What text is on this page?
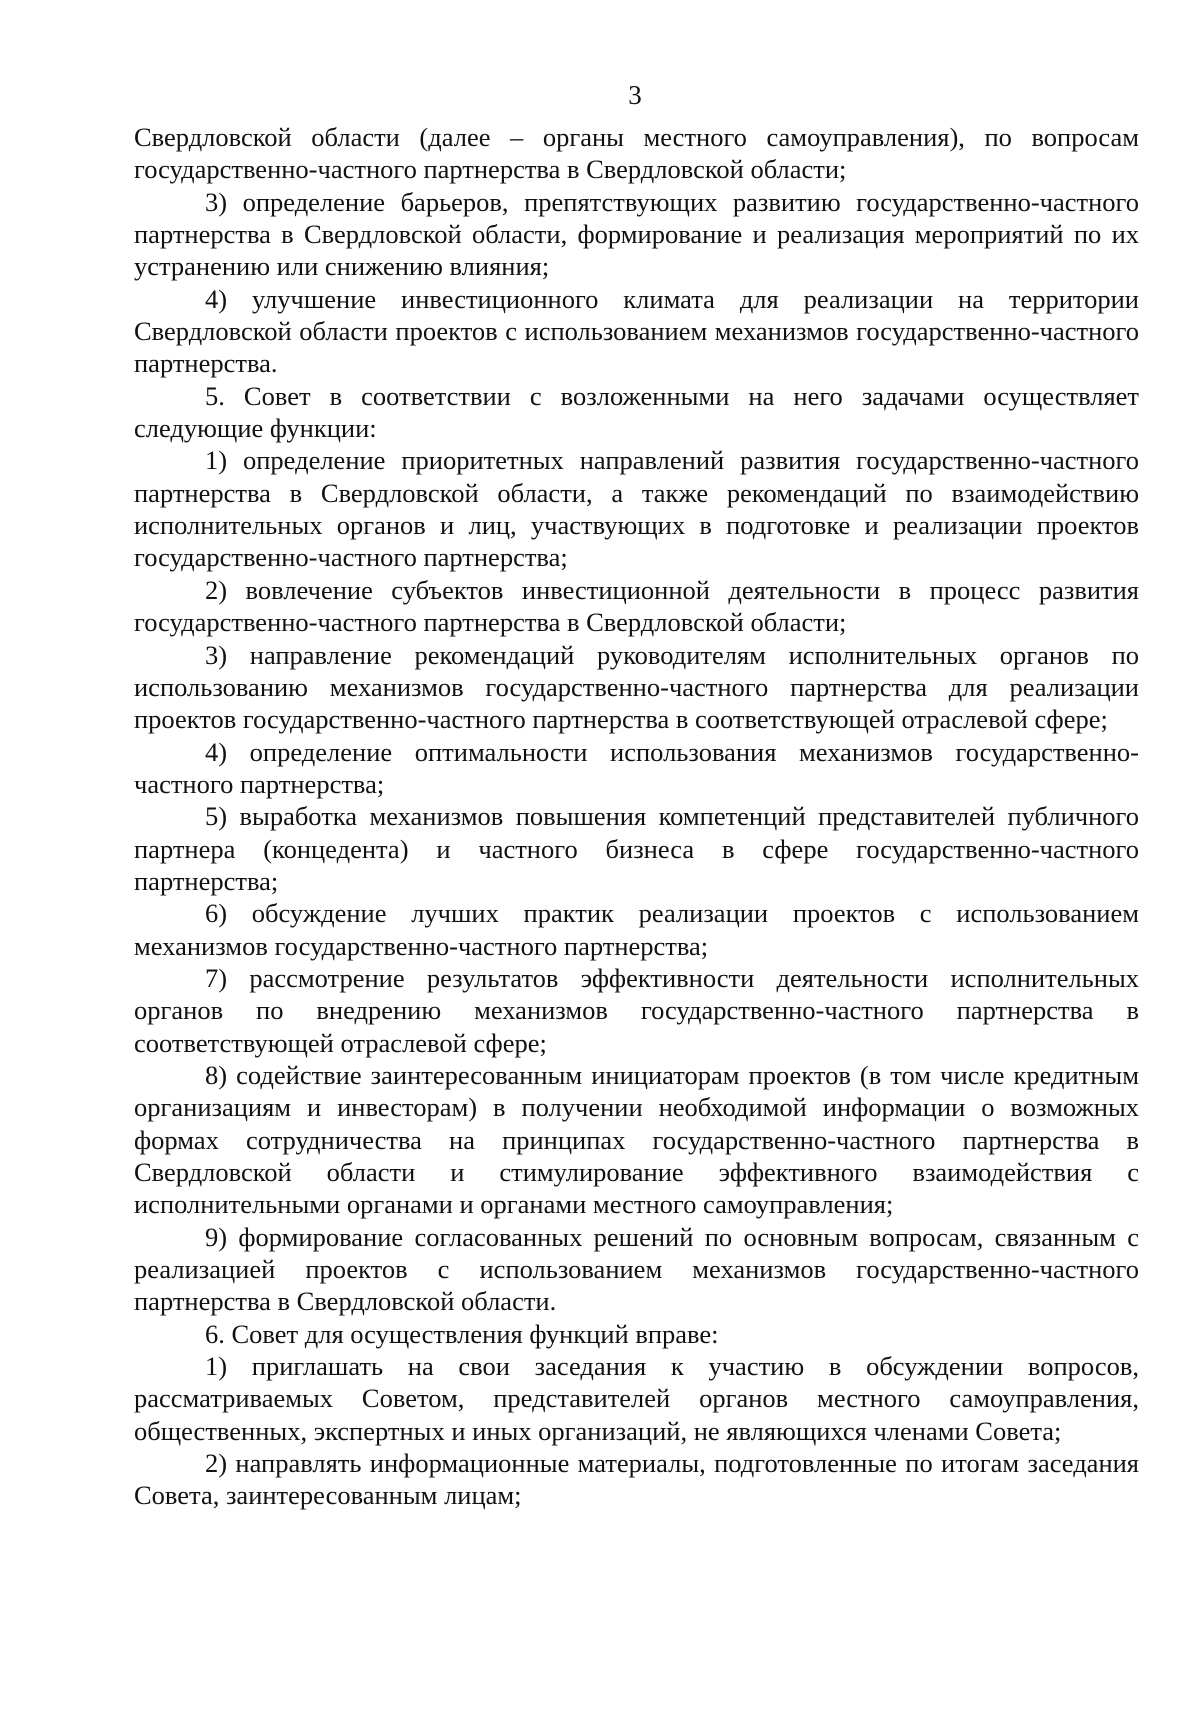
3

Свердловской области (далее – органы местного самоуправления), по вопросам государственно-частного партнерства в Свердловской области;

3) определение барьеров, препятствующих развитию государственно-частного партнерства в Свердловской области, формирование и реализация мероприятий по их устранению или снижению влияния;

4) улучшение инвестиционного климата для реализации на территории Свердловской области проектов с использованием механизмов государственно-частного партнерства.

5. Совет в соответствии с возложенными на него задачами осуществляет следующие функции:

1) определение приоритетных направлений развития государственно-частного партнерства в Свердловской области, а также рекомендаций по взаимодействию исполнительных органов и лиц, участвующих в подготовке и реализации проектов государственно-частного партнерства;

2) вовлечение субъектов инвестиционной деятельности в процесс развития государственно-частного партнерства в Свердловской области;

3) направление рекомендаций руководителям исполнительных органов по использованию механизмов государственно-частного партнерства для реализации проектов государственно-частного партнерства в соответствующей отраслевой сфере;

4) определение оптимальности использования механизмов государственно-частного партнерства;

5) выработка механизмов повышения компетенций представителей публичного партнера (концедента) и частного бизнеса в сфере государственно-частного партнерства;

6) обсуждение лучших практик реализации проектов с использованием механизмов государственно-частного партнерства;

7) рассмотрение результатов эффективности деятельности исполнительных органов по внедрению механизмов государственно-частного партнерства в соответствующей отраслевой сфере;

8) содействие заинтересованным инициаторам проектов (в том числе кредитным организациям и инвесторам) в получении необходимой информации о возможных формах сотрудничества на принципах государственно-частного партнерства в Свердловской области и стимулирование эффективного взаимодействия с исполнительными органами и органами местного самоуправления;

9) формирование согласованных решений по основным вопросам, связанным с реализацией проектов с использованием механизмов государственно-частного партнерства в Свердловской области.

6. Совет для осуществления функций вправе:

1) приглашать на свои заседания к участию в обсуждении вопросов, рассматриваемых Советом, представителей органов местного самоуправления, общественных, экспертных и иных организаций, не являющихся членами Совета;

2) направлять информационные материалы, подготовленные по итогам заседания Совета, заинтересованным лицам;
